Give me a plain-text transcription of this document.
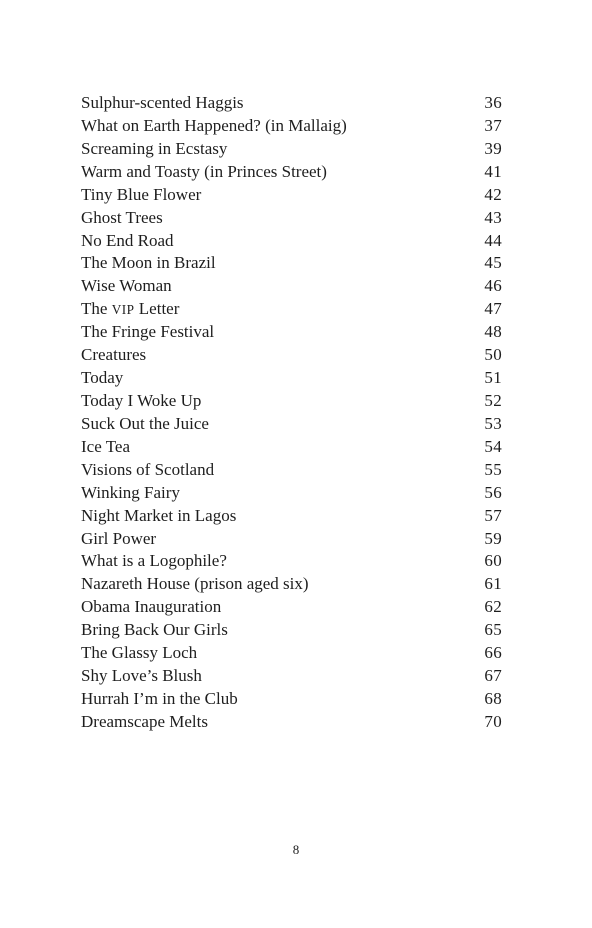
Sulphur-scented Haggis	36
What on Earth Happened? (in Mallaig)	37
Screaming in Ecstasy	39
Warm and Toasty (in Princes Street)	41
Tiny Blue Flower	42
Ghost Trees	43
No End Road	44
The Moon in Brazil	45
Wise Woman	46
The VIP Letter	47
The Fringe Festival	48
Creatures	50
Today	51
Today I Woke Up	52
Suck Out the Juice	53
Ice Tea	54
Visions of Scotland	55
Winking Fairy	56
Night Market in Lagos	57
Girl Power	59
What is a Logophile?	60
Nazareth House (prison aged six)	61
Obama Inauguration	62
Bring Back Our Girls	65
The Glassy Loch	66
Shy Love’s Blush	67
Hurrah I’m in the Club	68
Dreamscape Melts	70
8
